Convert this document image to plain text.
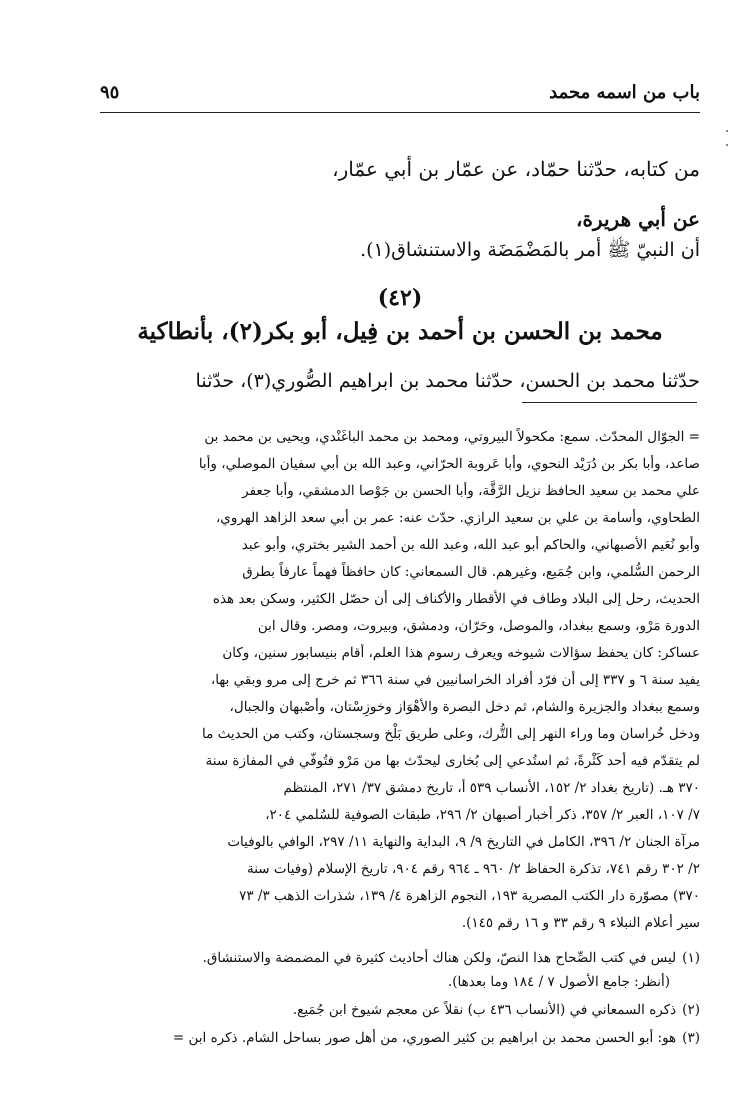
باب من اسمه محمد
٩٥
من كتابه، حدّثنا حمّاد، عن عمّار بن أبي عمّار،
عن أبي هريرة،
أن النبيّ ﷺ أمر بالمَضْمَضَة والاستنشاق(١).
(٤٢)
محمد بن الحسن بن أحمد بن فِيل، أبو بكر(٢)، بأنطاكية
حدّثنا محمد بن الحسن، حدّثنا محمد بن ابراهيم الصُّوري(٣)، حدّثنا
= الجوّال المحدّث. سمع: مكحولاً البيروتي، ومحمد بن محمد الباغَنْدي، ويحيى بن محمد بن
صاعد، وأبا بكر بن دُرَيْد النحوي، وأبا عَروبة الحرّاني، وعبد الله بن أبي سفيان الموصلي، وأبا
علي محمد بن سعيد الحافظ نزيل الرَّقَّة، وأبا الحسن بن جَوْصا الدمشقي، وأبا جعفر
الطحاوي، وأسامة بن علي بن سعيد الرازي. حدّث عنه: عمر بن أبي سعد الزاهد الهروي،
وأبو نُعَيم الأصبهاني، والحاكم أبو عبد الله، وعبد الله بن أحمد الشير بختري، وأبو عبد
الرحمن السُّلمي، وابن جُمَيع، وغيرهم. قال السمعاني: كان حافظاً فهماً عارفاً بطرق
الحديث، رحل إلى البلاد وطاف في الأقطار والأكناف إلى أن حصّل الكثير، وسكن بعد هذه
الدورة مَرْو، وسمع ببغداد، والموصل، وحَرّان، ودمشق، وبيروت، ومصر. وقال ابن
عساكر: كان يحفظ سؤالات شيوخه ويعرف رسوم هذا العلم، أقام بنيسابور سنين، وكان
يفيد سنة ٦ و ٣٣٧ إلى أن فرّد أفراد الخراسانيين في سنة ٣٦٦ ثم خرج إلى مرو وبقي بها،
وسمع ببغداد والجزيرة والشام، ثم دخل البصرة والأهْوَاز وخوزِسْتان، وأصْبهان والجبال،
ودخل خُراسان وما وراء النهر إلى التُّرك، وعلى طريق بَلْخ وسجستان، وكتب من الحديث ما
لم يتقدّم فيه أحد كَثْرةً، ثم استُدعي إلى بُخارى ليحدّث بها من مَرْو فتُوفّي في المفازة سنة
٣٧٠ هـ. (تاريخ بغداد ٢/ ١٥٢، الأنساب ٥٣٩ أ، تاريخ دمشق ٣٧/ ٢٧١، المنتظم
٧/ ١٠٧، العبر ٢/ ٣٥٧، ذكر أخبار أصبهان ٢/ ٢٩٦، طبقات الصوفية للسُلمي ٢٠٤،
مرآة الجنان ٢/ ٣٩٦، الكامل في التاريخ ٩/ ٩، البداية والنهاية ١١/ ٢٩٧، الوافي بالوفيات
٢/ ٣٠٢ رقم ٧٤١، تذكرة الحفاظ ٢/ ٩٦٠ ـ ٩٦٤ رقم ٩٠٤، تاريخ الإسلام (وفيات سنة
٣٧٠) مصوّرة دار الكتب المصرية ١٩٣، النجوم الزاهرة ٤/ ١٣٩، شذرات الذهب ٣/ ٧٣
سير أعلام النبلاء ٩ رقم ٣٣ و ١٦ رقم ١٤٥).
(١)ليس في كتب الصِّحاح هذا النصّ، ولكن هناك أحاديث كثيرة في المضمضة والاستنشاق.
(أنظر: جامع الأصول ٧ / ١٨٤ وما بعدها).
(٢)ذكره السمعاني في (الأنساب ٤٣٦ ب) نقلاً عن معجم شيوخ ابن جُمَيع.
(٣)هو: أبو الحسن محمد بن ابراهيم بن كثير الصوري، من أهل صور بساحل الشام. ذكره ابن =
